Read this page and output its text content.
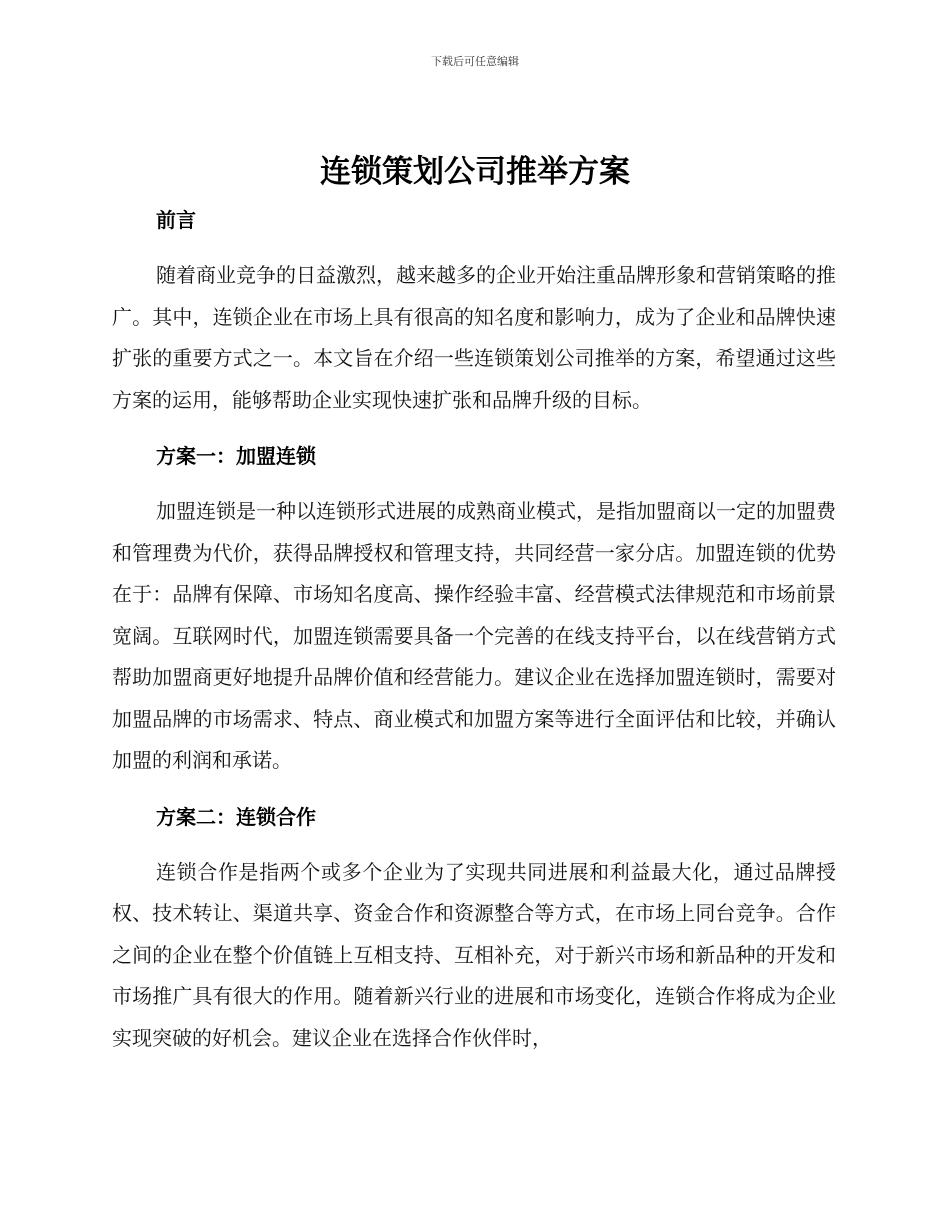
下载后可任意编辑
连锁策划公司推举方案
前言

随着商业竞争的日益激烈，越来越多的企业开始注重品牌形象和营销策略的推广。其中，连锁企业在市场上具有很高的知名度和影响力，成为了企业和品牌快速扩张的重要方式之一。本文旨在介绍一些连锁策划公司推举的方案，希望通过这些方案的运用，能够帮助企业实现快速扩张和品牌升级的目标。

方案一：加盟连锁

加盟连锁是一种以连锁形式进展的成熟商业模式，是指加盟商以一定的加盟费和管理费为代价，获得品牌授权和管理支持，共同经营一家分店。加盟连锁的优势在于：品牌有保障、市场知名度高、操作经验丰富、经营模式法律规范和市场前景宽阔。互联网时代，加盟连锁需要具备一个完善的在线支持平台，以在线营销方式帮助加盟商更好地提升品牌价值和经营能力。建议企业在选择加盟连锁时，需要对加盟品牌的市场需求、特点、商业模式和加盟方案等进行全面评估和比较，并确认加盟的利润和承诺。

方案二：连锁合作

连锁合作是指两个或多个企业为了实现共同进展和利益最大化，通过品牌授权、技术转让、渠道共享、资金合作和资源整合等方式，在市场上同台竞争。合作之间的企业在整个价值链上互相支持、互相补充，对于新兴市场和新品种的开发和市场推广具有很大的作用。随着新兴行业的进展和市场变化，连锁合作将成为企业实现突破的好机会。建议企业在选择合作伙伴时，
